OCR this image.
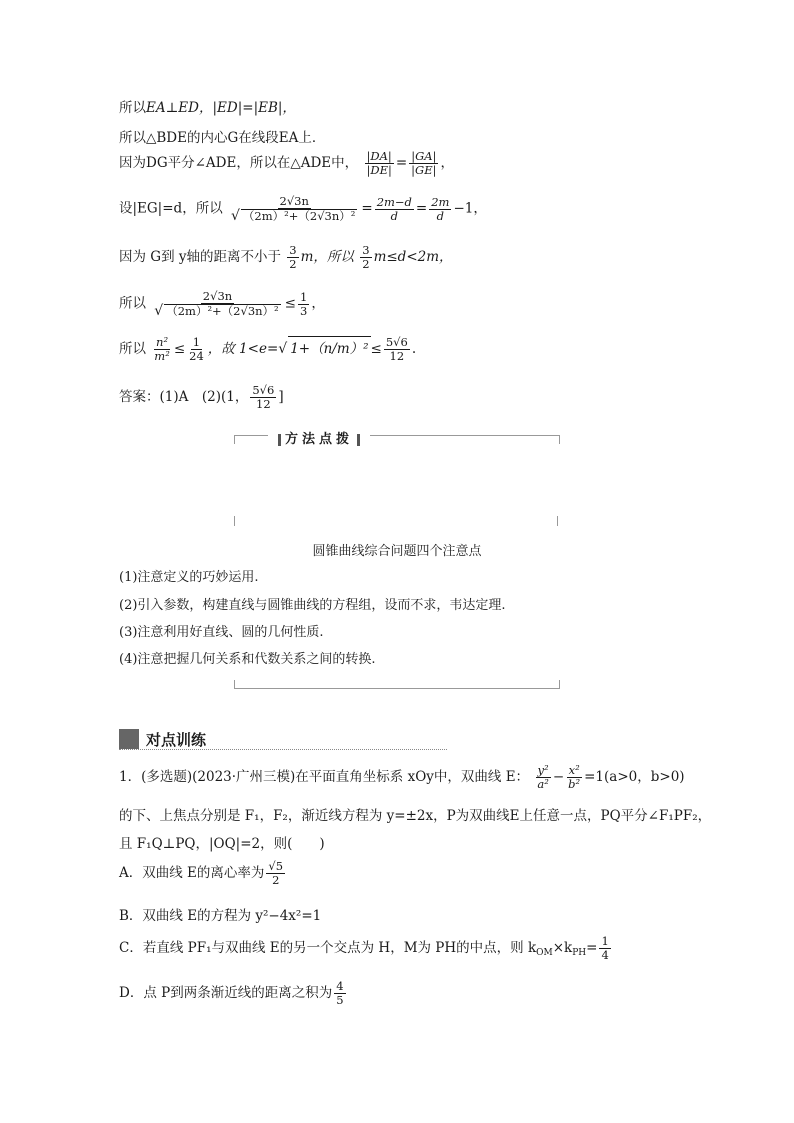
所以EA⊥ED，|ED|=|EB|，
所以△BDE的内心G在线段EA上．
因为DG平分∠ADE，所以在△ADE中， $\frac{|DA|}{|DE|} = \frac{|GA|}{|GE|}$ ，
设|EG|=d，所以 $\frac{2√3n}{\text{√ （2m）²+（2√3n）²}} = \frac{2m-d}{d} = \frac{2m}{d} -1$，
因为 G到 y轴的距离不小于 $\frac{3}{2}$ m，所以 $\frac{3}{2} m\le d<2m$，
所以 $\frac{2√3n}{\text{√ （2m）²+（2√3n）²}} \le \frac{1}{3}$ ，
所以 $\frac{\text{n²}}{\text{m²}} \le \frac{1}{24}$ ，故 1<e=√ $1+(n/m)^2 \le \frac{5√6}{12}$ .
答案：(1)A　(2)(1， $\frac{5√6}{12}$ ]
方法点拨
圆锥曲线综合问题四个注意点
(1)注意定义的巧妙运用.
(2)引入参数，构建直线与圆锥曲线的方程组，设而不求，韦达定理.
(3)注意利用好直线、圆的几何性质.
(4)注意把握几何关系和代数关系之间的转换.
对点训练
1．(多选题)(2023·广州三模)在平面直角坐标系 xOy中，双曲线 E： $\frac{\text{y²}}{\text{a²}} - \frac{\text{x²}}{\text{b²}} =1(a>0$，b>0)
的下、上焦点分别是 F₁，F₂，渐近线方程为 y=±2x，P为双曲线E上任意一点，PQ平分∠F₁PF₂，
且 F₁Q⊥PQ，|OQ|=2，则(　　)
A．双曲线 E的离心率为 $\frac{√5}{2}$
B．双曲线 E的方程为 y²−4x²=1
C．若直线 PF₁与双曲线 E的另一个交点为 H，M为 PH的中点，则 $k_{OM}\times k_{PH}= \frac{1}{4}$
D．点 P到两条渐近线的距离之积为 $\frac{4}{5}$
